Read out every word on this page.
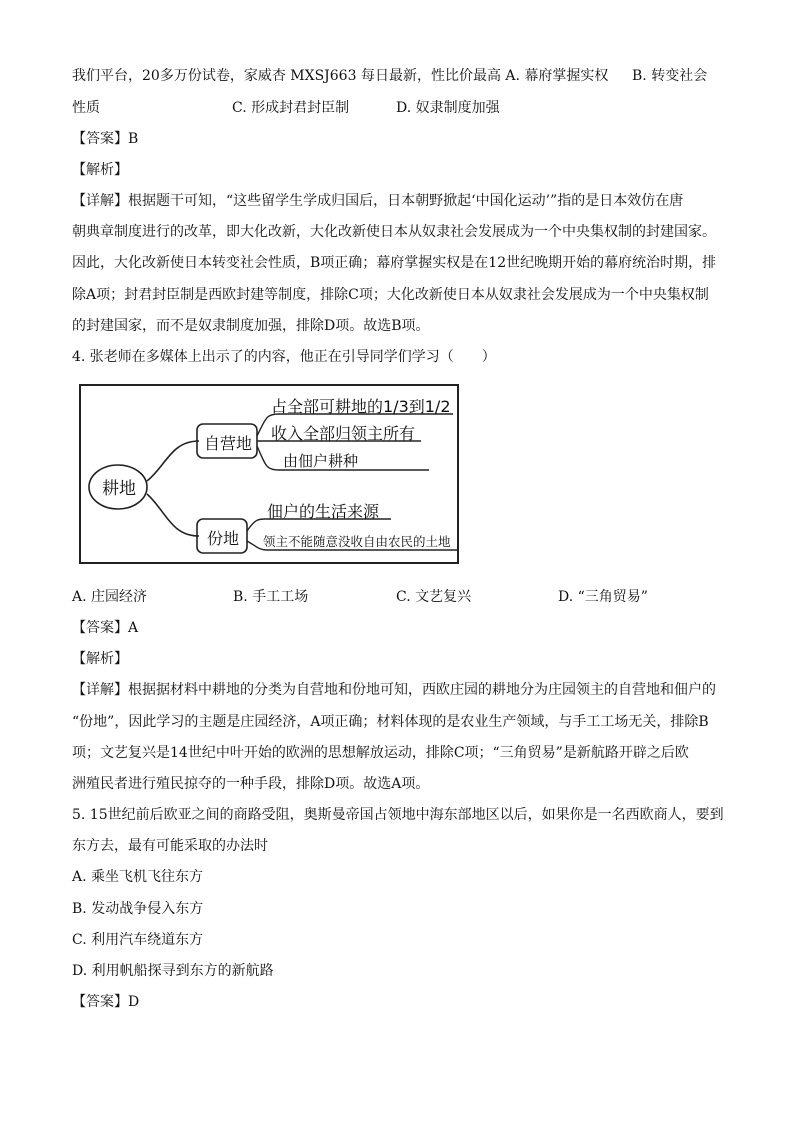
我们平台，20多万份试卷，家威杏 MXSJ663 每日最新，性比价最高 A. 幕府掌握实权 B. 转变社会
性质	C. 形成封君封臣制	D. 奴隶制度加强
【答案】B
【解析】
【详解】根据题干可知，“这些留学生学成归国后，日本朝野掀起‘中国化运动’”指的是日本效仿在唐
朝典章制度进行的改革，即大化改新，大化改新使日本从奴隶社会发展成为一个中央集权制的封建国家。
因此，大化改新使日本转变社会性质，B项正确；幕府掌握实权是在12世纪晚期开始的幕府统治时期，排
除A项；封君封臣制是西欧封建等制度，排除C项；大化改新使日本从奴隶社会发展成为一个中央集权制
的封建国家，而不是奴隶制度加强，排除D项。故选B项。
4. 张老师在多媒体上出示了的内容，他正在引导同学们学习（　　）
耕地
自营地
份地
占全部可耕地的1/3到1/2
收入全部归领主所有
由佃户耕种
佃户的生活来源
领主不能随意没收自由农民的土地
A. 庄园经济	B. 手工工场	C. 文艺复兴	D. “三角贸易”
【答案】A
【解析】
【详解】根据据材料中耕地的分类为自营地和份地可知，西欧庄园的耕地分为庄园领主的自营地和佃户的
“份地”，因此学习的主题是庄园经济，A项正确；材料体现的是农业生产领域，与手工工场无关，排除B
项；文艺复兴是14世纪中叶开始的欧洲的思想解放运动，排除C项；“三角贸易”是新航路开辟之后欧
洲殖民者进行殖民掠夺的一种手段，排除D项。故选A项。
5. 15世纪前后欧亚之间的商路受阻，奥斯曼帝国占领地中海东部地区以后，如果你是一名西欧商人，要到
东方去，最有可能采取的办法时
A. 乘坐飞机飞往东方
B. 发动战争侵入东方
C. 利用汽车绕道东方
D. 利用帆船探寻到东方的新航路
【答案】D
